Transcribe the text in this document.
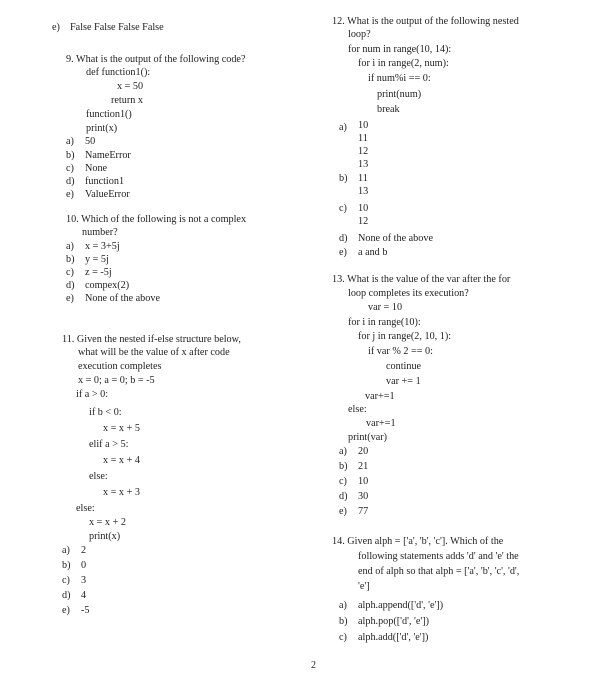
e) False False False False
9. What is the output of the following code?
def function1():
x = 50
return x
function1()
print(x)
a) 50
b) NameError
c) None
d) function1
e) ValueError
10. Which of the following is not a complex
number?
a) x = 3+5j
b) y = 5j
c) z = -5j
d) compex(2)
e) None of the above
11. Given the nested if-else structure below,
what will be the value of x after code
execution completes
x = 0; a = 0; b = -5
if a > 0:
if b < 0:
x = x + 5
elif a > 5:
x = x + 4
else:
x = x + 3
else:
x = x + 2
print(x)
a) 2
b) 0
c) 3
d) 4
e) -5
12. What is the output of the following nested
loop?
for num in range(10, 14):
for i in range(2, num):
if num%i == 0:
print(num)
break
a) 10
11
12
13
b) 11
13
c) 10
12
d) None of the above
e) a and b
13. What is the value of the var after the for
loop completes its execution?
var = 10
for i in range(10):
for j in range(2, 10, 1):
if var % 2 == 0:
continue
var += 1
var+=1
else:
var+=1
print(var)
a) 20
b) 21
c) 10
d) 30
e) 77
14. Given alph = ['a', 'b', 'c']. Which of the
following statements adds 'd' and 'e' the
end of alph so that alph = ['a', 'b', 'c', 'd',
'e']
a) alph.append(['d', 'e'])
b) alph.pop(['d', 'e'])
c) alph.add(['d', 'e'])
2
